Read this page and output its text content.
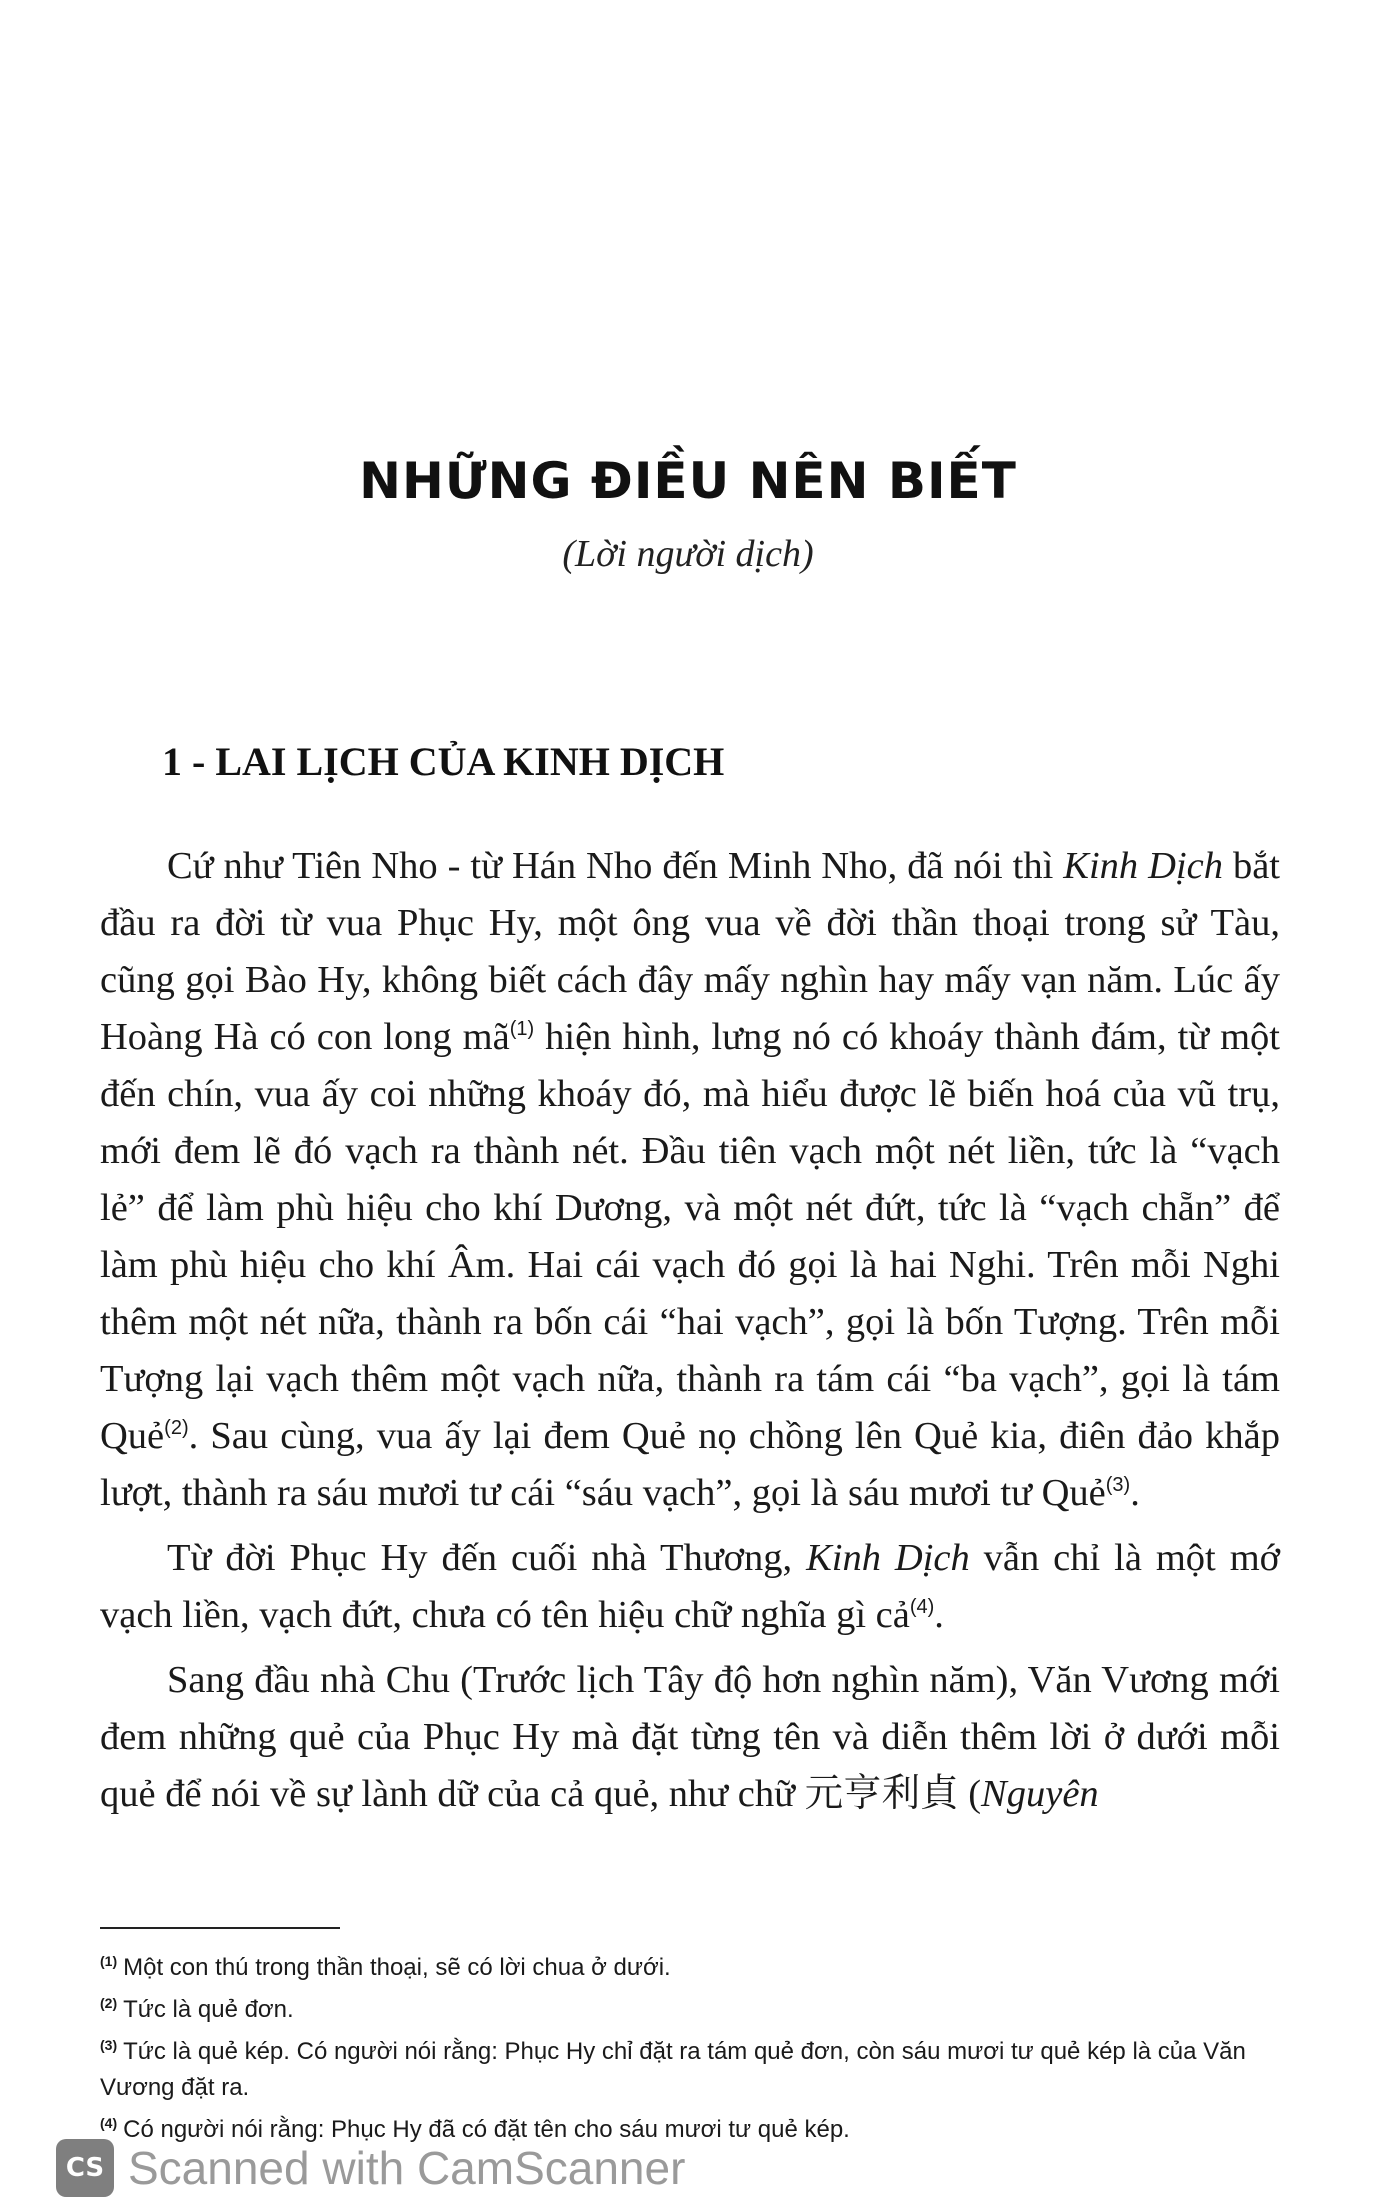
NHỮNG ĐIỀU NÊN BIẾT
(Lời người dịch)
1 - LAI LỊCH CỦA KINH DỊCH

Cứ như Tiên Nho - từ Hán Nho đến Minh Nho, đã nói thì Kinh Dịch bắt đầu ra đời từ vua Phục Hy, một ông vua về đời thần thoại trong sử Tàu, cũng gọi Bào Hy, không biết cách đây mấy nghìn hay mấy vạn năm. Lúc ấy Hoàng Hà có con long $mã^{(1)}$ hiện hình, lưng nó có khoáy thành đám, từ một đến chín, vua ấy coi những khoáy đó, mà hiểu được lẽ biến hoá của vũ trụ, mới đem lẽ đó vạch ra thành nét. Đầu tiên vạch một nét liền, tức là “vạch lẻ” để làm phù hiệu cho khí Dương, và một nét đứt, tức là “vạch chẵn” để làm phù hiệu cho khí Âm. Hai cái vạch đó gọi là hai Nghi. Trên mỗi Nghi thêm một nét nữa, thành ra bốn cái “hai vạch”, gọi là bốn Tượng. Trên mỗi Tượng lại vạch thêm một vạch nữa, thành ra tám cái “ba vạch”, gọi là tám Quẻ$^{(2)}$. Sau cùng, vua ấy lại đem Quẻ nọ chồng lên Quẻ kia, điên đảo khắp lượt, thành ra sáu mươi tư cái “sáu vạch”, gọi là sáu mươi tư Quẻ$^{(3)}$.

Từ đời Phục Hy đến cuối nhà Thương, Kinh Dịch vẫn chỉ là một mớ vạch liền, vạch đứt, chưa có tên hiệu chữ nghĩa gì cả$^{(4)}$.

Sang đầu nhà Chu (Trước lịch Tây độ hơn nghìn năm), Văn Vương mới đem những quẻ của Phục Hy mà đặt từng tên và diễn thêm lời ở dưới mỗi quẻ để nói về sự lành dữ của cả quẻ, như chữ 元亨利貞 (Nguyên

$^{(1)}$ Một con thú trong thần thoại, sẽ có lời chua ở dưới.
$^{(2)}$ Tức là quẻ đơn.
$^{(3)}$ Tức là quẻ kép. Có người nói rằng: Phục Hy chỉ đặt ra tám quẻ đơn, còn sáu mươi tư quẻ kép là của Văn Vương đặt ra.
$^{(4)}$ Có người nói rằng: Phục Hy đã có đặt tên cho sáu mươi tư quẻ kép.
CS Scanned with CamScanner
